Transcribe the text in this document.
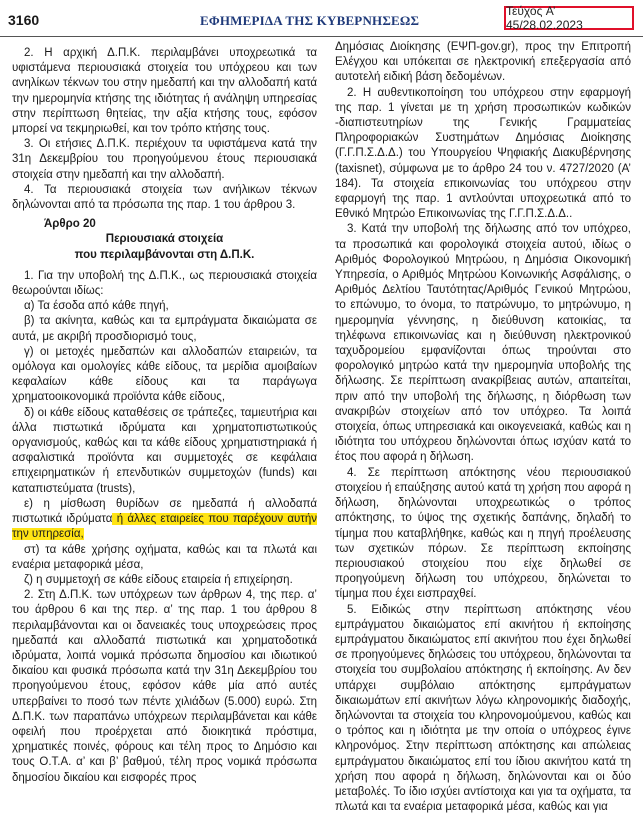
3160	ΕΦΗΜΕΡΙΔΑ ΤΗΣ ΚΥΒΕΡΝΗΣΕΩΣ
Τεύχος A’ 45/28.02.2023

2. Η αρχική Δ.Π.Κ. περιλαμβάνει υποχρεωτικά τα υφιστάμενα περιουσιακά στοιχεία του υπόχρεου και των ανηλίκων τέκνων του στην ημεδαπή και την αλλοδαπή κατά την ημερομηνία κτήσης της ιδιότητας ή ανάληψη υπηρεσίας στην περίπτωση θητείας, την αξία κτήσης τους, εφόσον μπορεί να τεκμηριωθεί, και τον τρόπο κτήσης τους.

3. Οι ετήσιες Δ.Π.Κ. περιέχουν τα υφιστάμενα κατά την 31η Δεκεμβρίου του προηγούμενου έτους περιουσιακά στοιχεία στην ημεδαπή και την αλλοδαπή.

4. Τα περιουσιακά στοιχεία των ανήλικων τέκνων δηλώνονται από τα πρόσωπα της παρ. 1 του άρθρου 3.

Άρθρο 20

Περιουσιακά στοιχεία
που περιλαμβάνονται στη Δ.Π.Κ.

1. Για την υποβολή της Δ.Π.Κ., ως περιουσιακά στοιχεία θεωρούνται ιδίως:

α) Τα έσοδα από κάθε πηγή,

β) τα ακίνητα, καθώς και τα εμπράγματα δικαιώματα σε αυτά, με ακριβή προσδιορισμό τους,

γ) οι μετοχές ημεδαπών και αλλοδαπών εταιρειών, τα ομόλογα και ομολογίες κάθε είδους, τα μερίδια αμοιβαίων κεφαλαίων κάθε είδους και τα παράγωγα χρηματοοικονομικά προϊόντα κάθε είδους,

δ) οι κάθε είδους καταθέσεις σε τράπεζες, ταμιευτήρια και άλλα πιστωτικά ιδρύματα και χρηματοπιστωτικούς οργανισμούς, καθώς και τα κάθε είδους χρηματιστηριακά ή ασφαλιστικά προϊόντα και συμμετοχές σε κεφάλαια επιχειρηματικών ή επενδυτικών συμμετοχών (funds) και καταπιστεύματα (trusts),

ε) η μίσθωση θυρίδων σε ημεδαπά ή αλλοδαπά πιστωτικά ιδρύματα ή άλλες εταιρείες που παρέχουν αυτήν την υπηρεσία,

στ) τα κάθε χρήσης οχήματα, καθώς και τα πλωτά και εναέρια μεταφορικά μέσα,

ζ) η συμμετοχή σε κάθε είδους εταιρεία ή επιχείρηση.

2. Στη Δ.Π.Κ. των υπόχρεων των άρθρων 4, της περ. α’ του άρθρου 6 και της περ. α’ της παρ. 1 του άρθρου 8 περιλαμβάνονται και οι δανειακές τους υποχρεώσεις προς ημεδαπά και αλλοδαπά πιστωτικά και χρηματοδοτικά ιδρύματα, λοιπά νομικά πρόσωπα δημοσίου και ιδιωτικού δικαίου και φυσικά πρόσωπα κατά την 31η Δεκεμβρίου του προηγούμενου έτους, εφόσον κάθε μία από αυτές υπερβαίνει το ποσό των πέντε χιλιάδων (5.000) ευρώ. Στη Δ.Π.Κ. των παραπάνω υπόχρεων περιλαμβάνεται και κάθε οφειλή που προέρχεται από διοικητικά πρόστιμα, χρηματικές ποινές, φόρους και τέλη προς το Δημόσιο και τους Ο.Τ.Α. α’ και β’ βαθμού, τέλη προς νομικά πρόσωπα δημοσίου δικαίου και εισφορές προς

Δημόσιας Διοίκησης (ΕΨΠ-gov.gr), προς την Επιτροπή Ελέγχου και υπόκειται σε ηλεκτρονική επεξεργασία από αυτοτελή ειδική βάση δεδομένων.

2. Η αυθεντικοποίηση του υπόχρεου στην εφαρμογή της παρ. 1 γίνεται με τη χρήση προσωπικών κωδικών -διαπιστευτηρίων της Γενικής Γραμματείας Πληροφοριακών Συστημάτων Δημόσιας Διοίκησης (Γ.Γ.Π.Σ.Δ.Δ.) του Υπουργείου Ψηφιακής Διακυβέρνησης (taxisnet), σύμφωνα με το άρθρο 24 του ν. 4727/2020 (Α’ 184). Τα στοιχεία επικοινωνίας του υπόχρεου στην εφαρμογή της παρ. 1 αντλούνται υποχρεωτικά από το Εθνικό Μητρώο Επικοινωνίας της Γ.Γ.Π.Σ.Δ.Δ..

3. Κατά την υποβολή της δήλωσης από τον υπόχρεο, τα προσωπικά και φορολογικά στοιχεία αυτού, ιδίως ο Αριθμός Φορολογικού Μητρώου, η Δημόσια Οικονομική Υπηρεσία, ο Αριθμός Μητρώου Κοινωνικής Ασφάλισης, ο Αριθμός Δελτίου Ταυτότητας/Αριθμός Γενικού Μητρώου, το επώνυμο, το όνομα, το πατρώνυμο, το μητρώνυμο, η ημερομηνία γέννησης, η διεύθυνση κατοικίας, τα τηλέφωνα επικοινωνίας και η διεύθυνση ηλεκτρονικού ταχυδρομείου εμφανίζονται όπως τηρούνται στο φορολογικό μητρώο κατά την ημερομηνία υποβολής της δήλωσης. Σε περίπτωση ανακρίβειας αυτών, απαιτείται, πριν από την υποβολή της δήλωσης, η διόρθωση των ανακριβών στοιχείων από τον υπόχρεο. Τα λοιπά στοιχεία, όπως υπηρεσιακά και οικογενειακά, καθώς και η ιδιότητα του υπόχρεου δηλώνονται όπως ισχύαν κατά το έτος που αφορά η δήλωση.

4. Σε περίπτωση απόκτησης νέου περιουσιακού στοιχείου ή επαύξησης αυτού κατά τη χρήση που αφορά η δήλωση, δηλώνονται υποχρεωτικώς ο τρόπος απόκτησης, το ύψος της σχετικής δαπάνης, δηλαδή το τίμημα που καταβλήθηκε, καθώς και η πηγή προέλευσης των σχετικών πόρων. Σε περίπτωση εκποίησης περιουσιακού στοιχείου που είχε δηλωθεί σε προηγούμενη δήλωση του υπόχρεου, δηλώνεται το τίμημα που έχει εισπραχθεί.

5. Ειδικώς στην περίπτωση απόκτησης νέου εμπράγματου δικαιώματος επί ακινήτου ή εκποίησης εμπράγματου δικαιώματος επί ακινήτου που έχει δηλωθεί σε προηγούμενες δηλώσεις του υπόχρεου, δηλώνονται τα στοιχεία του συμβολαίου απόκτησης ή εκποίησης. Αν δεν υπάρχει συμβόλαιο απόκτησης εμπράγματων δικαιωμάτων επί ακινήτων λόγω κληρονομικής διαδοχής, δηλώνονται τα στοιχεία του κληρονομούμενου, καθώς και ο τρόπος και η ιδιότητα με την οποία ο υπόχρεος έγινε κληρονόμος. Στην περίπτωση απόκτησης και απώλειας εμπράγματου δικαιώματος επί του ίδιου ακινήτου κατά τη χρήση που αφορά η δήλωση, δηλώνονται και οι δύο μεταβολές. Το ίδιο ισχύει αντίστοιχα και για τα οχήματα, τα πλωτά και τα εναέρια μεταφορικά μέσα, καθώς και για
